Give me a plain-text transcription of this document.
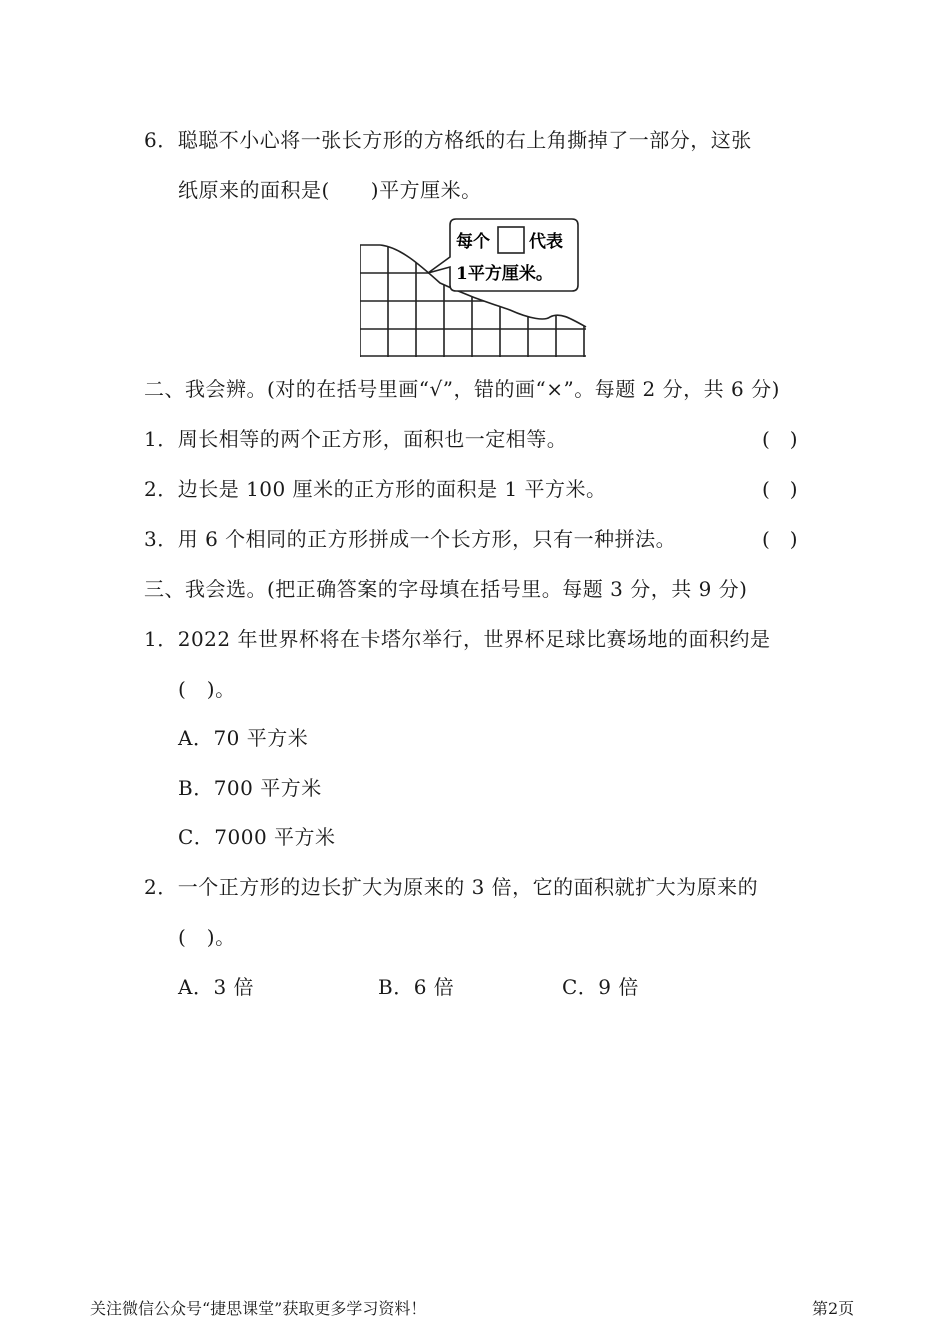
6．聪聪不小心将一张长方形的方格纸的右上角撕掉了一部分，这张
纸原来的面积是(　　)平方厘米。
每个 代表
1平方厘米。
二、我会辨。(对的在括号里画“√”，错的画“×”。每题 2 分，共 6 分)
1．周长相等的两个正方形，面积也一定相等。	(　)
2．边长是 100 厘米的正方形的面积是 1 平方米。	(　)
3．用 6 个相同的正方形拼成一个长方形，只有一种拼法。	(　)
三、我会选。(把正确答案的字母填在括号里。每题 3 分，共 9 分)
1．2022 年世界杯将在卡塔尔举行，世界杯足球比赛场地的面积约是
(　)。
A．70 平方米
B．700 平方米
C．7000 平方米
2．一个正方形的边长扩大为原来的 3 倍，它的面积就扩大为原来的
(　)。
A．3 倍	B．6 倍	C．9 倍
关注微信公众号“捷思课堂”获取更多学习资料！	第2页
